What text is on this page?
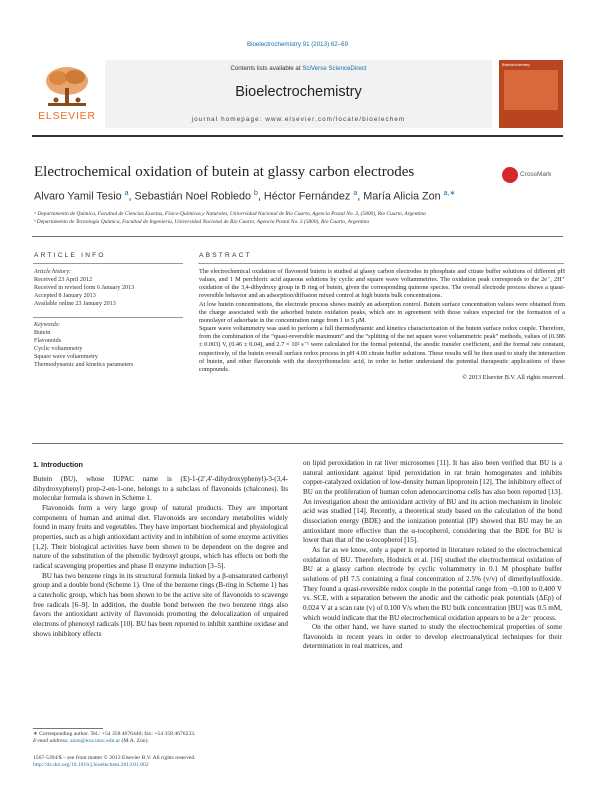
Bioelectrochemistry 91 (2013) 62–69
ELSEVIER
Contents lists available at SciVerse ScienceDirect
Bioelectrochemistry
journal homepage: www.elsevier.com/locate/bioelechem
Bioelectrochemistry
Electrochemical oxidation of butein at glassy carbon electrodes	CrossMark
Alvaro Yamil Tesio $^a$, Sebastián Noel Robledo $^b$, Héctor Fernández $^a$, María Alicia Zon $^{a,∗}$
ᵃ Departamento de Química, Facultad de Ciencias Exactas, Físico-Químicas y Naturales, Universidad Nacional de Río Cuarto, Agencia Postal No. 3, (5800), Río Cuarto, Argentina
ᵇ Departamento de Tecnología Química, Facultad de Ingeniería, Universidad Nacional de Río Cuarto, Agencia Postal No. 3 (5800), Río Cuarto, Argentina
ARTICLE INFO
Article history:
Received 23 April 2012
Received in revised form 6 January 2013
Accepted 8 January 2013
Available online 23 January 2013
Keywords:
Butein
Flavonoids
Cyclic voltammetry
Square wave voltammetry
Thermodynamic and kinetics parameters
ABSTRACT

The electrochemical oxidation of flavonoid butein is studied at glassy carbon electrodes in phosphate and citrate buffer solutions of different pH values, and 1 M perchloric acid aqueous solutions by cyclic and square wave voltammetries. The oxidation peak corresponds to the 2e⁻, 2H⁺ oxidation of the 3,4-dihydroxy group in B ring of butein, given the corresponding quinone species. The overall electrode process shows a quasi-reversible behavior and an adsorption/diffusion mixed control at high butein bulk concentrations.

At low butein concentrations, the electrode process shows mainly an adsorption control. Butein surface concentration values were obtained from the charge associated with the adsorbed butein oxidation peaks, which are in agreement with those values expected for the formation of a monolayer of adsorbate in the concentration range from 1 to 5 μM.

Square wave voltammetry was used to perform a full thermodynamic and kinetics characterization of the butein surface redox couple. Therefore, from the combination of the “quasi-reversible maximum” and the “splitting of the net square wave voltammetric peak” methods, values of (0.386 ± 0.003) V, (0.46 ± 0.04), and 2.7 × 10² s⁻¹ were calculated for the formal potential, the anodic transfer coefficient, and the formal rate constant, respectively, of the butein overall surface redox process in pH 4.00 citrate buffer solutions. These results will be then used to study the interaction of butein, and other flavonoids with the deoxyribonucleic acid, in order to better understand the potential therapeutic applications of these compounds.

© 2013 Elsevier B.V. All rights reserved.

1. Introduction

Butein (BU), whose IUPAC name is (E)-1-(2′,4′-dihydroxyphenyl)-3-(3,4-dihydroxyphenyl) prop-2-en-1-one, belongs to a subclass of flavonoids (chalcones). Its molecular formula is shown in Scheme 1.

Flavonoids form a very large group of natural products. They are important components of human and animal diet. Flavonoids are secondary metabolites widely found in many fruits and vegetables. They have important biochemical and physiological properties, such as a high antioxidant activity and in inhibition of some enzyme activities [1,2]. Their biological activities have been shown to be dependent on the degree and nature of the substitution of the phenolic hydroxyl groups, which has effects on both the radical scavenging properties and phase II enzyme induction [3–5].

BU has two benzene rings in its structural formula linked by a β-unsaturated carbonyl group and a double bond (Scheme 1). One of the benzene rings (B-ring in Scheme 1) has a catecholic group, which has been shown to be the active site of flavonoids to scavenge free radicals [6–9]. In addition, the double bond between the two benzene rings also favors the antioxidant activity of flavonoids promoting the delocalization of unpaired electrons of phenoxyl radicals [10]. BU has been reported to inhibit xanthine oxidase and shows inhibitory effects

on lipid peroxidation in rat liver microsomes [11]. It has also been verified that BU is a natural antioxidant against lipid peroxidation in rat brain homogenates and inhibits copper-catalyzed oxidation of low-density human lipoprotein [12]. The inhibitory effect of BU on the proliferation of human colon adenocarcinoma cells has also been reported [13]. An investigation about the antioxidant activity of BU and its action mechanism in linoleic acid was studied [14]. Recently, a theoretical study based on the calculation of the bond dissociation energy (BDE) and the ionization potential (IP) showed that BU may be an antioxidant more effective than the α-tocopherol, considering that the BDE for BU is lower than that of the α-tocopherol [15].

As far as we know, only a paper is reported in literature related to the electrochemical oxidation of BU. Therefore, Hodnick et al. [16] studied the electrochemical oxidation of BU at a glassy carbon electrode by cyclic voltammetry in 0.1 M phosphate buffer solutions of pH 7.5 containing a final concentration of 2.5% (v/v) of dimethylsulfoxide. They found a quasi-reversible redox couple in the potential range from −0.100 to 0.400 V vs. SCE, with a separation between the anodic and the cathodic peak potentials (ΔEp) of 0.024 V at a scan rate (v) of 0.100 V/s when the BU bulk concentration [BU] was 0.5 mM, which would indicate that the BU electrochemical oxidation appears to be a 2e⁻ process.

On the other hand, we have started to study the electrochemical properties of some flavonoids in recent years in order to develop electroanalytical techniques for their determination in real matrices, and

∗ Corresponding author. Tel.: +54 358 4676440; fax: +54 358 4676233.
E-mail address: azon@exa.unrc.edu.ar (M.A. Zon).
1567-5394/$ – see front matter © 2013 Elsevier B.V. All rights reserved.
http://dx.doi.org/10.1016/j.bioelechem.2013.01.002
